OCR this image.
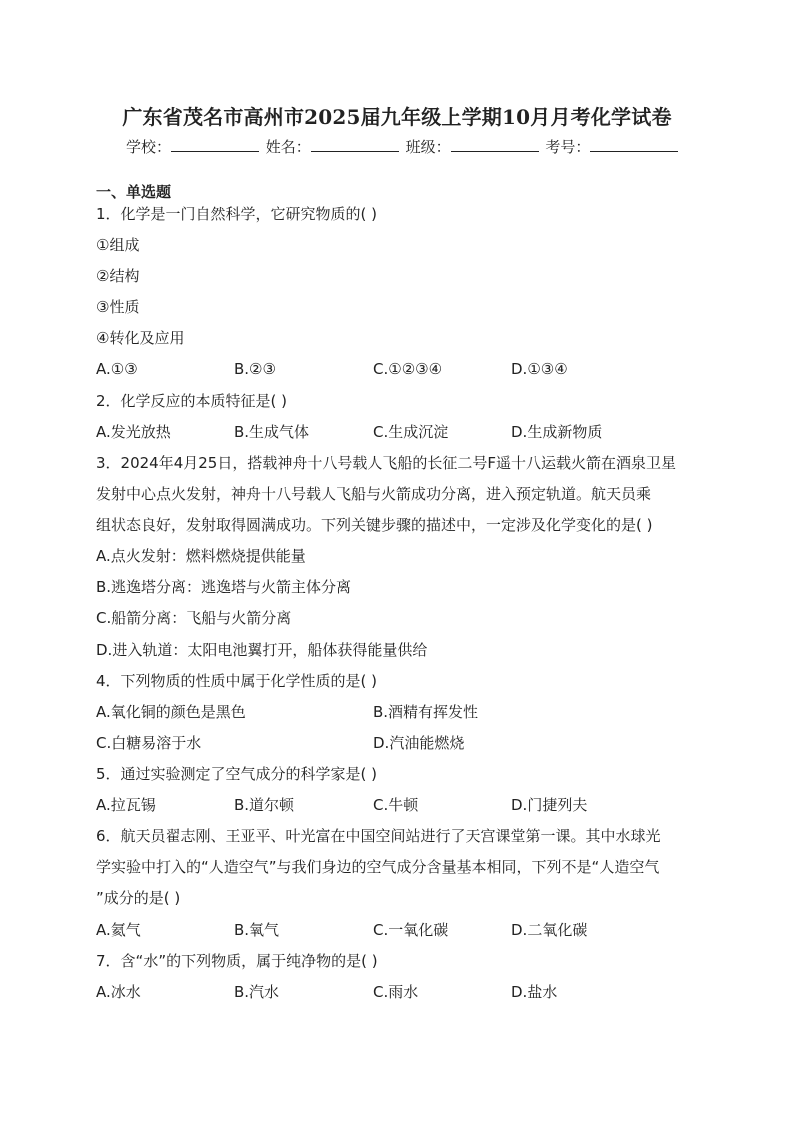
广东省茂名市高州市2025届九年级上学期10月月考化学试卷
学校：	姓名：	班级：	考号：
一、单选题
1．化学是一门自然科学，它研究物质的( )
①组成
②结构
③性质
④转化及应用
A.①③	B.②③	C.①②③④	D.①③④
2．化学反应的本质特征是( )
A.发光放热	B.生成气体	C.生成沉淀	D.生成新物质
3．2024年4月25日，搭载神舟十八号载人飞船的长征二号F遥十八运载火箭在酒泉卫星
发射中心点火发射，神舟十八号载人飞船与火箭成功分离，进入预定轨道。航天员乘
组状态良好，发射取得圆满成功。下列关键步骤的描述中，一定涉及化学变化的是( )
A.点火发射：燃料燃烧提供能量
B.逃逸塔分离：逃逸塔与火箭主体分离
C.船箭分离：飞船与火箭分离
D.进入轨道：太阳电池翼打开，船体获得能量供给
4．下列物质的性质中属于化学性质的是( )
A.氧化铜的颜色是黑色	B.酒精有挥发性
C.白糖易溶于水	D.汽油能燃烧
5．通过实验测定了空气成分的科学家是( )
A.拉瓦锡	B.道尔顿	C.牛顿	D.门捷列夫
6．航天员翟志刚、王亚平、叶光富在中国空间站进行了天宫课堂第一课。其中水球光
学实验中打入的“人造空气”与我们身边的空气成分含量基本相同，下列不是“人造空气
”成分的是( )
A.氦气	B.氧气	C.一氧化碳	D.二氧化碳
7．含“水”的下列物质，属于纯净物的是( )
A.冰水	B.汽水	C.雨水	D.盐水
